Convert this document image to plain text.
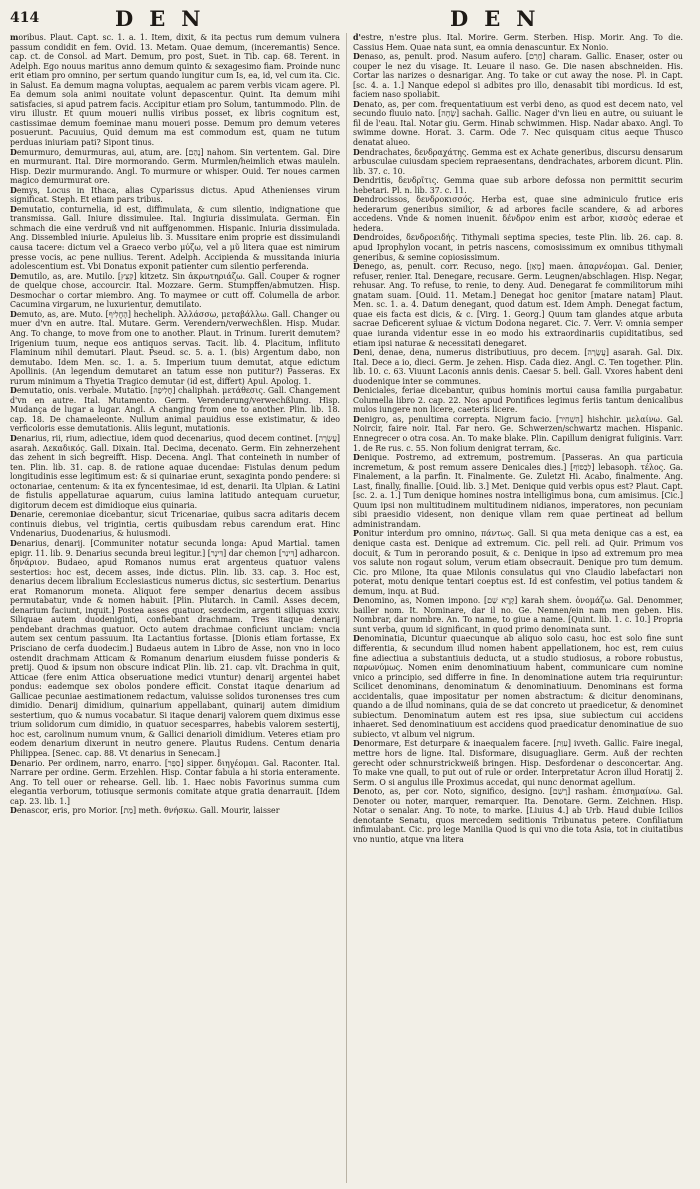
414	DEN	DEN

moribus. Plaut. Capt. sc. 1. a. 1. Item, dixit, & ita pectus rum demum vulnera passum condidit en fem. Ovid. 13. Metam. Quae demum, (inceremantis) Sence. cap. ct. de Consol. ad Mart. Demum, pro post, Suet. in Tib. cap. 68. Terent. in Adelph. Ego nouus maritus anno demum quinto & sexagesimo fiam. Proinde nunc erit etiam pro omnino, per sertum quando iungitur cum Is, ea, id, vel cum ita. Cic. in Salust. Ea demum magna voluptas, aequalem ac parem verbis vicam agere. Pl. Ea demum sola animi nouitate volunt depascentur. Quint. Ita demum mihi satisfacies, si apud patrem facis. Accipitur etiam pro Solum, tantummodo. Plin. de viru illustr. Et quum moueri nullis viribus posset, ex libris cognitum est, castissimae demum foeminae manu moueri posse. Demum pro demum veteres posuerunt. Pacuuius, Quid demum ma est commodum est, quam ne tutum perduas iniuriam pati? Sipont tinus.

Demurmuro, demurmuras, aui, atum, are. [נָהַם] nahom. Sin vertentem. Gal. Dire en murmurant. Ital. Dire mormorando. Germ. Murmlen/heimlich etwas mauleln. Hisp. Dezir murmurando. Angl. To murmure or whisper. Ouid. Ter noues carmen magico demurmurat ore.

Demys, Locus in Ithaca, alias Cyparissus dictus. Apud Athenienses virum significat. Steph. Et etiam pars tribus.

Demutatio, conturnelia, id est, diffimulata, & cum silentio, indignatione que transmissa. Gall. Iniure dissimulee. Ital. Ingiuria dissimulata. German. Ein schmach die eine verdruß vnd nit auffgenommen. Hispanic. Iniuria dissimulada. Ang. Dissembled iniurie. Apuleius lib. 3. Mussitare enim proprie est dissimulandi causa tacere: dictum vel a Graeco verbo μύζω, vel a μῦ litera quae est nimirum presse vocis, ac pene nullius. Terent. Adelph. Accipienda & mussitanda iniuria adolescentium est. Vbi Donatus exponit patienter cum silentio perferenda.

Demutilo, as, are. Mutilo. [קִצֵּץ] kitzetz. Sin ἀκρωτηριάζω. Gall. Couper & rogner de quelque chose, accourcir. Ital. Mozzare. Germ. Stumpffen/abmutzen. Hisp. Desmochar o cortar miembro. Ang. To maymee or cutt off. Columella de arbor. Cacumina virgarum, ne luxurientur, demutilato.

Demuto, as, are. Muto. [הֶחֱלִיף] hecheliph. Ἀλλάσσω, μεταβάλλω. Gall. Changer ou muer d'vn en autre. Ital. Mutare. Germ. Verendern/verwechßlen. Hisp. Mudar. Ang. To change, to move from one to another. Plaut. in Trinum. Iurerit demutem? Irigenium tuum, neque eos antiquos servas. Tacit. lib. 4. Placitum, inflituto Flaminum nihil demutari. Plaut. Pseud. sc. 5. a. 1. (bis) Argentum dabo, non demutabo. Idem Men. sc. 1. a. 5. Imperium tuum demutat, atque edictum Apollinis. (An legendum demutaret an tatum esse non putitur?) Passeras. Ex rurum minimum a Thyetia Tragico demutar (id est, differt) Apul. Apolog. 1.

Demutatio, onis. verbale. Mutatio. [חֲלִיפָה] chaliphah. μετάθεσις. Gall. Changement d'vn en autre. Ital. Mutamento. Germ. Verenderung/verwechßlung. Hisp. Mudança de lugar a lugar. Angl. A changing from one to another. Plin. lib. 18. cap. 18. De chamaeleonte. Nullum animal pauidius esse existimatur, & ideo verficoloris esse demutationis. Aliis legunt, mutationis.

Denarius, rii, rium, adiectiue, idem quod decenarius, quod decem continet. [עֲשָׂרָה] asarah. Δεκαδικός. Gall. Dixain. Ital. Decima, decenato. Germ. Ein zehnerzehent das zehent in sich begreifft. Hisp. Decena. Angl. That conteineth in number of ten. Plin. lib. 31. cap. 8. de ratione aquae ducendae: Fistulas denum pedum longitudinis esse legitimum est: & si quinariae erunt, sexaginta pondo pendere: si octonariae, centenum: & ita ex fyncentesimae, id est, denarii. Ita Ulpian. & Latini de fistulis appellaturae aquarum, cuius lamina latitudo antequam curuetur, digitorum decem est dimidioque eius quinaria.

Denarie, ceremoniae dicebantur, sicut Tricenariae, quibus sacra aditaris decem continuis diebus, vel trigintia, certis quibusdam rebus carendum erat. Hinc Vndenarius, Duodenarius, & huiusmodi.

Denarius, denarij. [Communiter notatur secunda longa: Apud Martial. tamen epigr. 11. lib. 9. Denarius secunda breui legitur.] [דִּינָר] dar chemon [דִּינַר] adharcon. δηνάριον. Budaeo, apud Romanos numus erat argenteus quatuor valens sestertios: hoc est, decem asses, inde dictus. Plin. lib. 33. cap. 3. Hoc est, denarius decem libralium Ecclesiasticus numerus dictus, sic sestertium. Denarius erat Romanorum moneta. Aliquot fere semper denarius decem assibus permutabatur, vnde & nomen habuit. [Plin. Plutarch. in Camil. Asses decem, denarium faciunt, inquit.] Postea asses quatuor, sexdecim, argenti siliquas xxxiv. Siliquae autem duodeniginti, confiebant drachmam. Tres itaque denarij pendebant drachmas quatuor. Octo autem drachmae conficiunt unciam: vncia autem sex centum passuum. Ita Lactantius fortasse. [Dionis etiam fortasse, Ex Prisciano de cerfa duodecim.] Budaeus autem in Libro de Asse, non vno in loco ostendit drachmam Atticam & Romanum denarium eiusdem fuisse ponderis & pretij. Quod & ipsum non obscure indicat Plin. lib. 21. cap. vlt. Drachma in quit, Atticae (fere enim Attica obseruatione medici vtuntur) denarij argentei habet pondus: eademque sex obolos pondere efficit. Constat itaque denarium ad Gallicae pecuniae aestimationem redactum, valuisse solidos turonenses tres cum dimidio. Denarij dimidium, quinarium appellabant, quinarij autem dimidium sestertium, quo & numus vocabatur. Si itaque denarij valorem quem diximus esse trium solidorum cum dimidio, in quatuor secesparres, habebis valorem sestertij, hoc est, carolinum numum vnum, & Gallici denarioli dimidium. Veteres etiam pro eodem denarium dixerunt in neutro genere. Plautus Rudens. Centum denaria Philippea. [Senec. cap. 88. Vt denarius in Senecam.]

Denario. Per ordinem, narro, enarro. [סִפֵּר] sipper. διηγέομαι. Gal. Raconter. Ital. Narrare per ordine. Germ. Erzehlen. Hisp. Contar fabula a hi storia enteramente. Ang. To tell ouer or rehearse. Gell. lib. 1. Haec nobis Favorinus summa cum elegantia verborum, totiusque sermonis comitate atque gratia denarrauit. [Idem cap. 23. lib. 1.]

Denascor, eris, pro Morior. [מֵת] meth. θνήσκω. Gall. Mourir, laisser

d'estre, n'estre plus. Ital. Morire. Germ. Sterben. Hisp. Morir. Ang. To die. Cassius Hem. Quae nata sunt, ea omnia denascuntur. Ex Nonio.

Denaso, as, penult. prod. Nasum aufero. [חָרַם] charam. Gallic. Enaser, oster ou couper le nez du visage. It. Leuare il naso. Ge. Die nasen abschneiden. His. Cortar las narizes o desnarigar. Ang. To take or cut away the nose. Pl. in Capt. [sc. 4. a. 1.] Nanque edepol si adbites pro illo, denasabit tibi mordicus. Id est, faciem naso spoliabit.

Denato, as, per com. frequentatiuum est verbi deno, as quod est decem nato, vel secundo fluuio nato. [שָׂחָה] sachah. Gallic. Nager d'vn lieu en autre, ou suiuant le fil de l'eau. Ital. Notar giu. Germ. Hinab schwimmen. Hisp. Nadar abaxo. Angl. To swimme downe. Horat. 3. Carm. Ode 7. Nec quisquam citus aeque Thusco denatat alueo.

Dendrachates, δενδραχάτης. Gemma est ex Achate generibus, discursu densarum arbusculae cuiusdam speciem repraesentans, dendrachates, arborem dicunt. Plin. lib. 37. c. 10.

Dendritis, δενδρῖτις. Gemma quae sub arbore defossa non permittit securim hebetari. Pl. n. lib. 37. c. 11.

Dendrocissos, δενδροκισσός. Herba est, quae sine adminiculo frutice eris hederarum generibus similior, & ad arbores facile scandere, & ad arbores accedens. Vnde & nomen inuenit. δένδρον enim est arbor, κισσὸς ederae et hedera.

Dendroides, δενδροειδής. Tithymali septima species, teste Plin. lib. 26. cap. 8. apud Iprophylon vocant, in petris nascens, comosissimum ex omnibus tithymali generibus, & semine copiosissimum.

Denego, as, penult. corr. Recuso, nego. [מָאַן] maen. ἀπαρνέομαι. Gal. Denier, refuser, renier. Ital. Denegare, recusare. Germ. Leugnen/abschlagen. Hisp. Negar, rehusar. Ang. To refuse, to renie, to deny. Aud. Denegarat fe commilitorum mihi gnatam suam. [Ouid. 11. Metam.] Denegat hoc genitor [matare natam] Plaut. Men. sc. 1. a. 4. Datum denegant, quod datum est. Idem Amph. Denegat factum, quae eis facta est dicis, & c. [Virg. 1. Georg.] Quum tam glandes atque arbuta sacrae Deficerent syluae & victum Dodona negaret. Cic. 7. Verr. V: omnia semper quae iuranda videntur esse in eo modo his extraordinariis cupiditatibus, sed etiam ipsi naturae & necessitati denegaret.

Deni, denae, dena, numerus distributiuus, pro decem. [עֲשָׂרָה] asarah. Gal. Dix. Ital. Dece a io, dieci. Germ. Je zehen. Hisp. Cada diez. Angl. C. Ten together. Plin. lib. 10. c. 63. Viuunt Laconis annis denis. Caesar 5. bell. Gall. Vxores habent deni duodenique inter se communes.

Deniciales, feriae dicebantur, quibus hominis mortui causa familia purgabatur. Columella libro 2. cap. 22. Nos apud Pontifices legimus feriis tantum denicalibus mulos iungere non licere, caeteris licere.

Denigro, as, penultima correpta. Nigrum facio. [הִשְׁחִיר] hishchir. μελαίνω. Gal. Noircir, faire noir. Ital. Far nero. Ge. Schwerzen/schwartz machen. Hispanic. Ennegrecer o otra cosa. An. To make blake. Plin. Capillum denigrat fuliginis. Varr. 1. de Re rus. c. 55. Non folium denigrat terram, &c.

Denique. Postremo, ad extremum, postremum. [Passeras. An qua particuia incremetum, & post remum assere Denicales dies.] [לְבַסּוֹף] lebasoph. τέλος. Ga. Finalement, a la parfin. It. Finalmente. Ge. Zuletzt Hi. Acabo, finalmente. Ang. Last, finally, finallie. [Ouid. lib. 3.] Met. Denique quid verbis opus est? Plaut. Capt. [sc. 2. a. 1.] Tum denique homines nostra intelligimus bona, cum amisimus. [Cic.] Quum ipsi non multitudinem multitudinem nidianos, imperatores, non pecuniam sibi praesidio videsent, non denique vllam rem quae pertineat ad bellum administrandam.

Ponitur interdum pro omnino, πάντως. Gall. Si qua meta denique cas a est, ea denique casta est. Denique ad extremum. Cic. pell reli. ad Quir. Primum vos docuit, & Tum in perorando posuit, & c. Denique in ipso ad extremum pro mea vos salute non rogaut solum, verum etiam obsecrauit. Denique pro tum demum. Cic. pro Milone, Ita quae Milonis consulatus qui vno Claudio labefactari non poterat, motu denique tentari coeptus est. Id est confestim, vel potius tandem & demum, inqu. at Bud.

Denomino, as, Nomen impono. [קָרָא שֵׁם] karah shem. ὀνομάζω. Gal. Denommer, bailler nom. It. Nominare, dar il no. Ge. Nennen/ein nam men geben. His. Nombrar, dar nombre. An. To name, to giue a name. [Quint. lib. 1. c. 10.] Propria sunt verba, quum id significant, in quod primo denominata sunt.

Denominatia, Dicuntur quaecunque ab aliquo solo casu, hoc est solo fine sunt differentia, & secundum illud nomen habent appellationem, hoc est, rem cuius fine adiectiua a substantiuis deducta, ut a studio studiosus, a robore robustus, παρωνύμως. Nomen enim denominatiuum habent, communicare cum nomine vnico a principio, sed differre in fine. In denominatione autem tria requiruntur: Scilicet denominans, denominatum & denominatiuum. Denominans est forma accidentalis, quae impositatur per nomen abstractum: & dicitur denominans, quando a de illud nominans, quia de se dat concreto ut praedicetur, & denominet subiectum. Denominatum autem est res ipsa, siue subiectum cui accidens inhaeret. Sed denominatiuum est accidens quod praedicatur denominatiue de suo subiecto, vt album vel nigrum.

Denormare, Est deturpare & inaequalem facere. [עִוֵּת] ivveth. Gallic. Faire inegal, mettre hors de ligne. Ital. Disformare, disuguagliare. Germ. Auß der rechten gerecht oder schnurstrickweiß bringen. Hisp. Desfordenar o desconcertar. Ang. To make vne quall, to put out of rule or order. Interpretatur Acron illud Horatij 2. Serm. O si angulus ille Proximus accedat, qui nunc denormat agellum.

Denoto, as, per cor. Noto, significo, designo. [רָשַׁם] rasham. ἐπισημαίνω. Gal. Denoter ou noter, marquer, remarquer. Ita. Denotare. Germ. Zeichnen. Hisp. Notar o senalar. Ang. To note, to marke. [Liuius 4.] ab Urb. Haud dubie Icilios denotante Senatu, quos mercedem seditionis Tribunatus petere. Confiliatum infimulabant. Cic. pro lege Manilia Quod is qui vno die tota Asia, tot in ciuitatibus vno nuntio, atque vna litera
